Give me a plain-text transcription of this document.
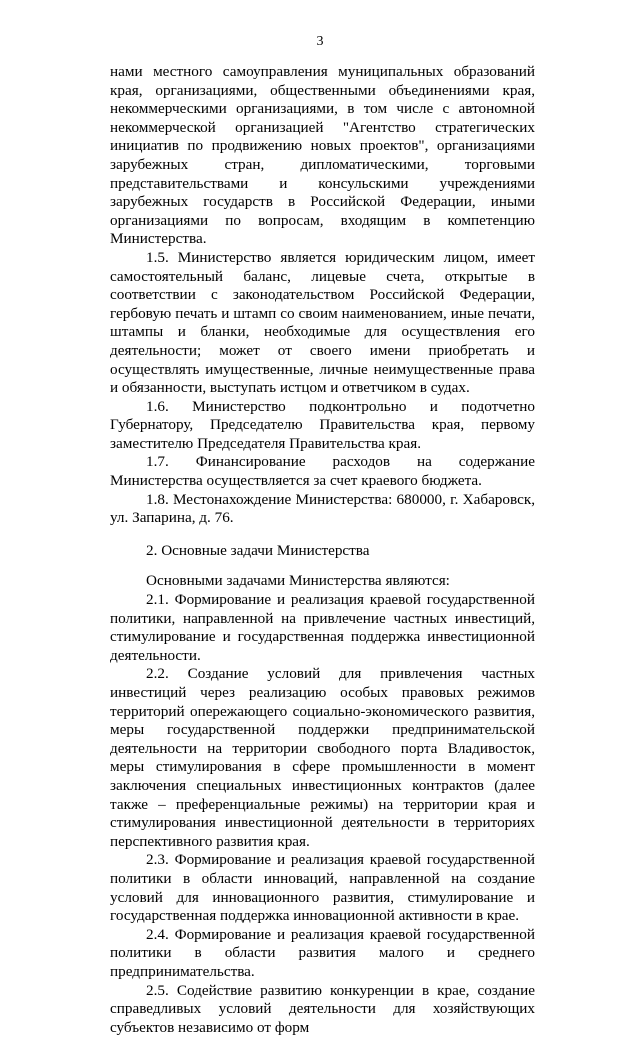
3

нами местного самоуправления муниципальных образований края, организациями, общественными объединениями края, некоммерческими организациями, в том числе с автономной некоммерческой организацией "Агентство стратегических инициатив по продвижению новых проектов", организациями зарубежных стран, дипломатическими, торговыми представительствами и консульскими учреждениями зарубежных государств в Российской Федерации, иными организациями по вопросам, входящим в компетенцию Министерства.

1.5. Министерство является юридическим лицом, имеет самостоятельный баланс, лицевые счета, открытые в соответствии с законодательством Российской Федерации, гербовую печать и штамп со своим наименованием, иные печати, штампы и бланки, необходимые для осуществления его деятельности; может от своего имени приобретать и осуществлять имущественные, личные неимущественные права и обязанности, выступать истцом и ответчиком в судах.

1.6. Министерство подконтрольно и подотчетно Губернатору, Председателю Правительства края, первому заместителю Председателя Правительства края.

1.7. Финансирование расходов на содержание Министерства осуществляется за счет краевого бюджета.

1.8. Местонахождение Министерства: 680000, г. Хабаровск, ул. Запарина, д. 76.

2. Основные задачи Министерства

Основными задачами Министерства являются:

2.1. Формирование и реализация краевой государственной политики, направленной на привлечение частных инвестиций, стимулирование и государственная поддержка инвестиционной деятельности.

2.2. Создание условий для привлечения частных инвестиций через реализацию особых правовых режимов территорий опережающего социально-экономического развития, меры государственной поддержки предпринимательской деятельности на территории свободного порта Владивосток, меры стимулирования в сфере промышленности в момент заключения специальных инвестиционных контрактов (далее также – преференциальные режимы) на территории края и стимулирования инвестиционной деятельности в территориях перспективного развития края.

2.3. Формирование и реализация краевой государственной политики в области инноваций, направленной на создание условий для инновационного развития, стимулирование и государственная поддержка инновационной активности в крае.

2.4. Формирование и реализация краевой государственной политики в области развития малого и среднего предпринимательства.

2.5. Содействие развитию конкуренции в крае, создание справедливых условий деятельности для хозяйствующих субъектов независимо от форм
